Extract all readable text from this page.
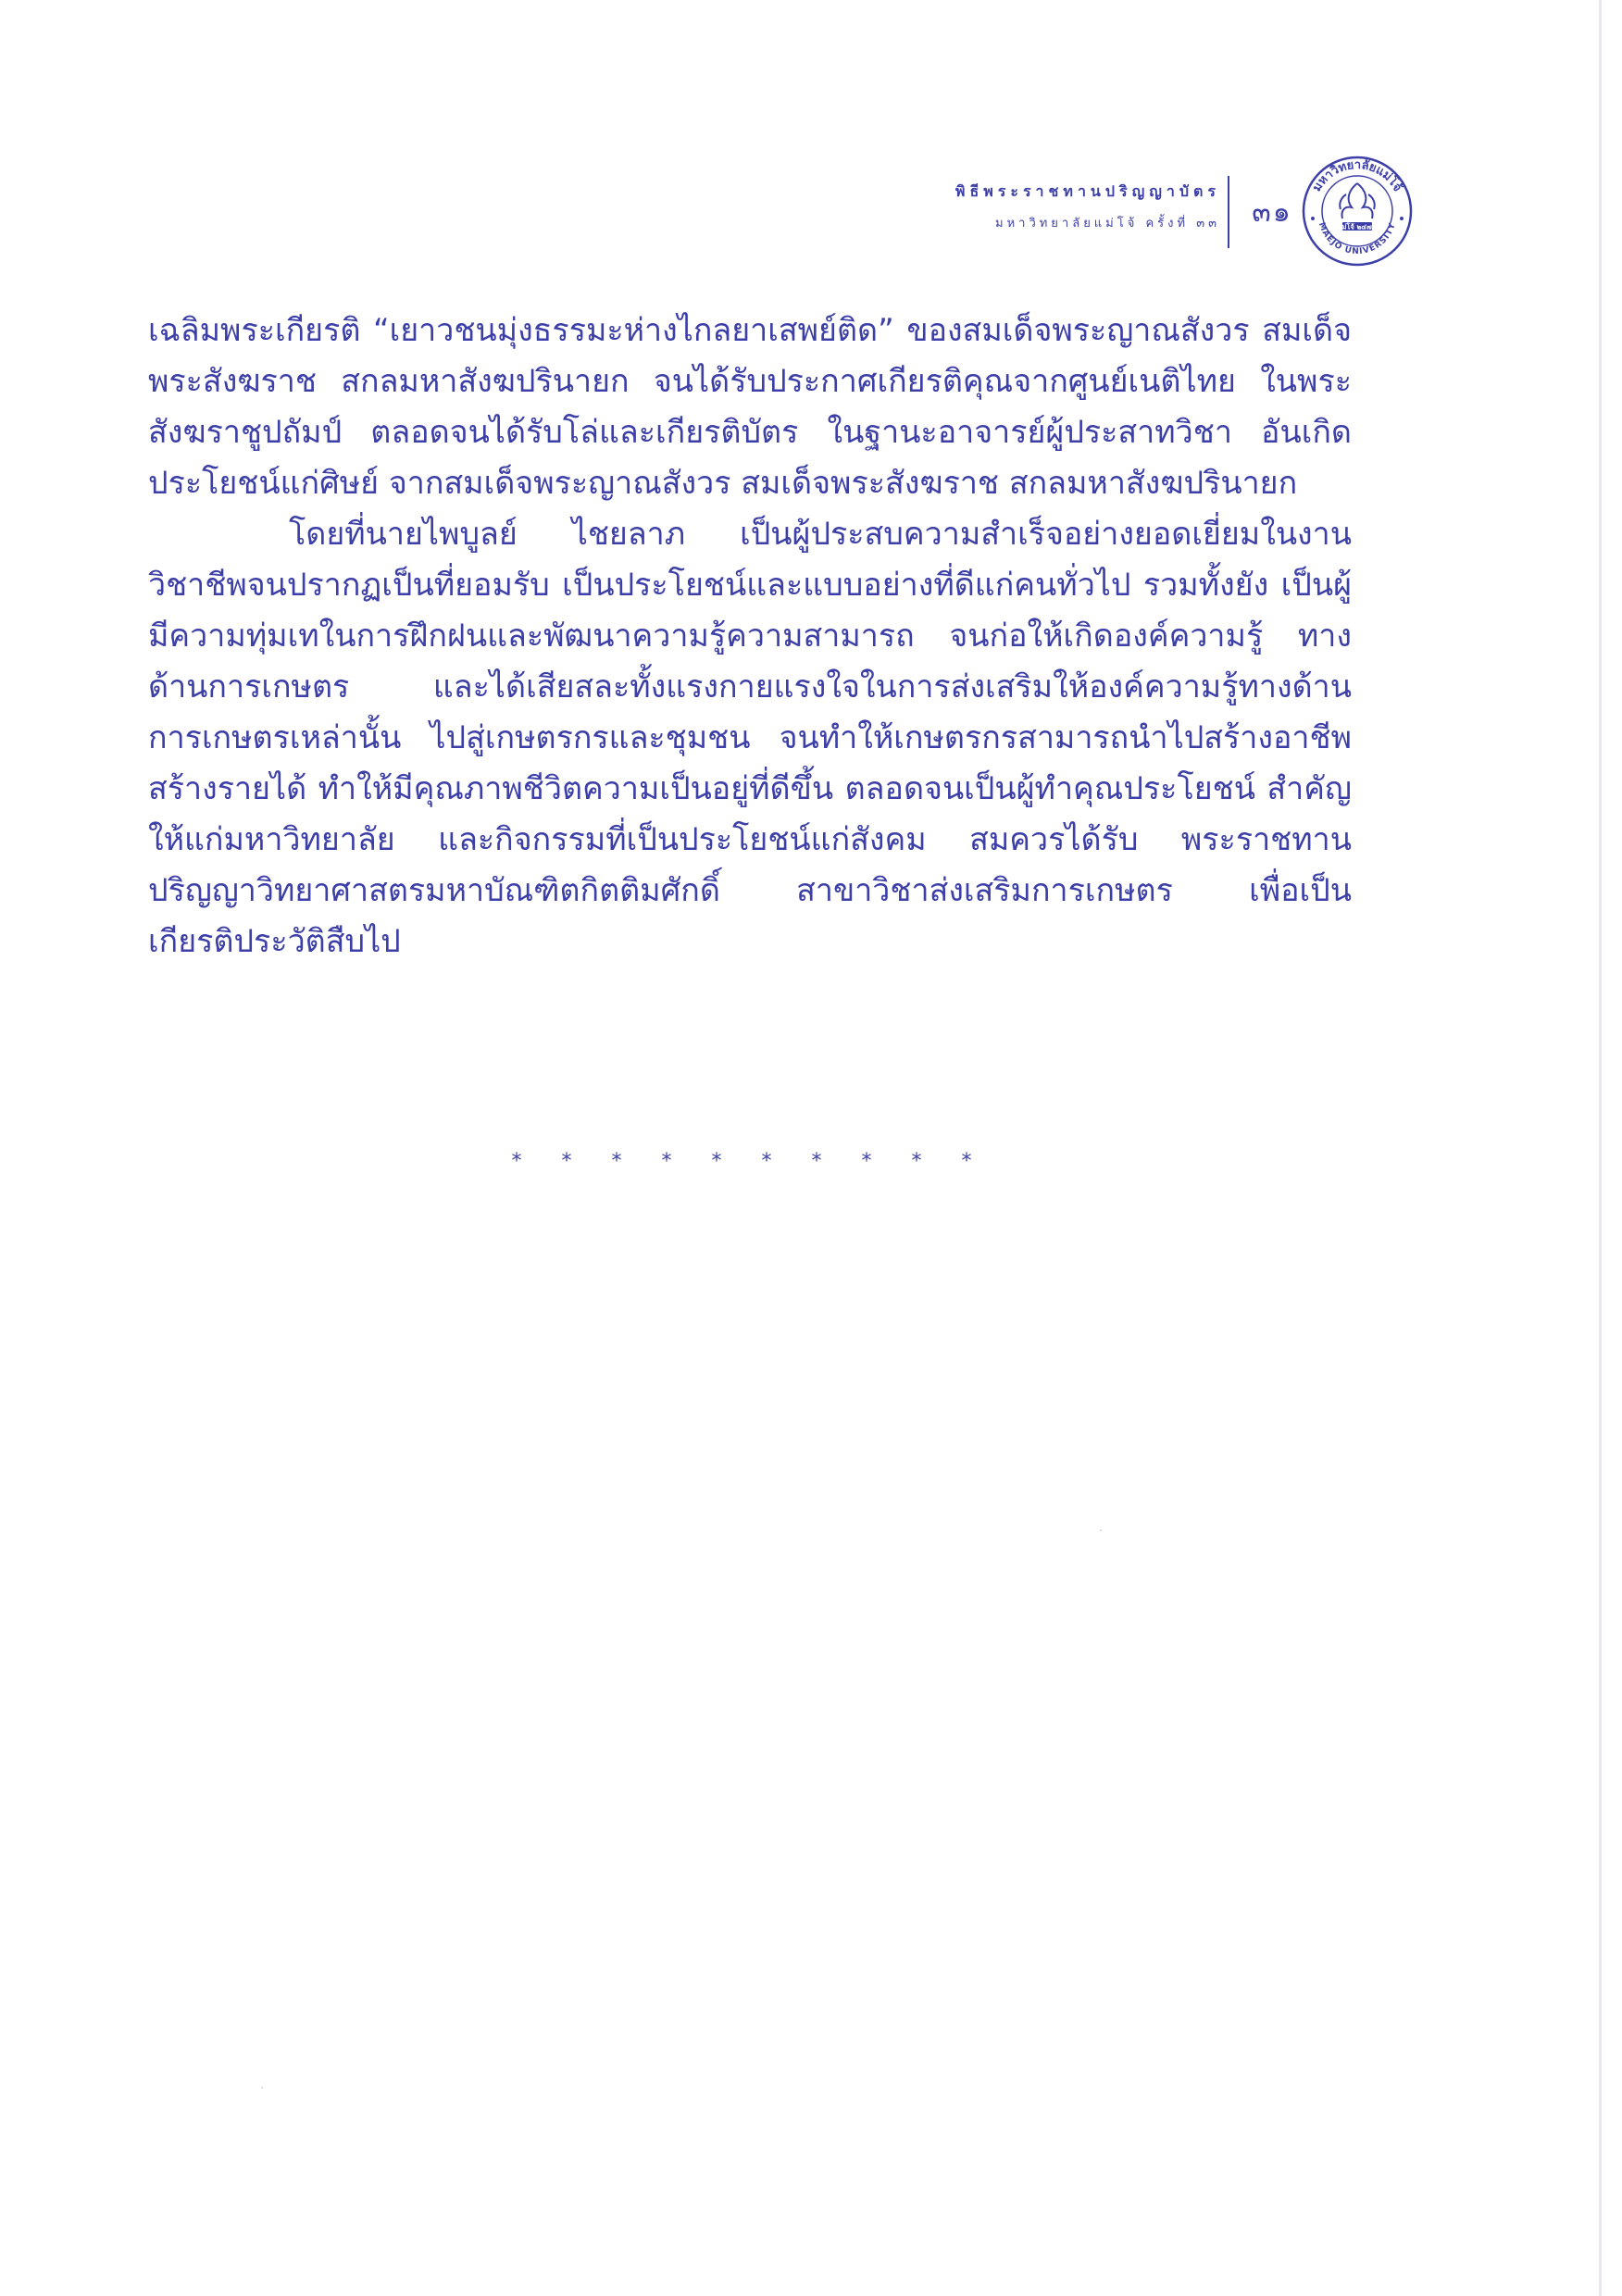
พิธีพระราชทานปริญญาบัตร
มหาวิทยาลัยแม่โจ้ ครั้งที่ ๓๓	๓๑
มหาวิทยาลัยแม่โจ้
MAEJO UNIVERSITY
แม่โจ้ ๒๔๗๗

เฉลิมพระเกียรติ “เยาวชนมุ่งธรรมะห่างไกลยาเสพย์ติด” ของสมเด็จพระญาณสังวร สมเด็จพระสังฆราช สกลมหาสังฆปรินายก จนได้รับประกาศเกียรติคุณจากศูนย์เนติไทย ในพระสังฆราชูปถัมป์ ตลอดจนได้รับโล่และเกียรติบัตร ในฐานะอาจารย์ผู้ประสาทวิชา อันเกิดประโยชน์แก่ศิษย์ จากสมเด็จพระญาณสังวร สมเด็จพระสังฆราช สกลมหาสังฆปรินายก

โดยที่นายไพบูลย์ ไชยลาภ เป็นผู้ประสบความสำเร็จอย่างยอดเยี่ยมในงาน วิชาชีพจนปรากฏเป็นที่ยอมรับ เป็นประโยชน์และแบบอย่างที่ดีแก่คนทั่วไป รวมทั้งยัง เป็นผู้มีความทุ่มเทในการฝึกฝนและพัฒนาความรู้ความสามารถ จนก่อให้เกิดองค์ความรู้ ทางด้านการเกษตร และได้เสียสละทั้งแรงกายแรงใจในการส่งเสริมให้องค์ความรู้ทางด้าน การเกษตรเหล่านั้น ไปสู่เกษตรกรและชุมชน จนทำให้เกษตรกรสามารถนำไปสร้างอาชีพ สร้างรายได้ ทำให้มีคุณภาพชีวิตความเป็นอยู่ที่ดีขึ้น ตลอดจนเป็นผู้ทำคุณประโยชน์ สำคัญให้แก่มหาวิทยาลัย และกิจกรรมที่เป็นประโยชน์แก่สังคม สมควรได้รับ พระราชทานปริญญาวิทยาศาสตรมหาบัณฑิตกิตติมศักดิ์ สาขาวิชาส่งเสริมการเกษตร เพื่อเป็นเกียรติประวัติสืบไป

* * * * * * * * * *
